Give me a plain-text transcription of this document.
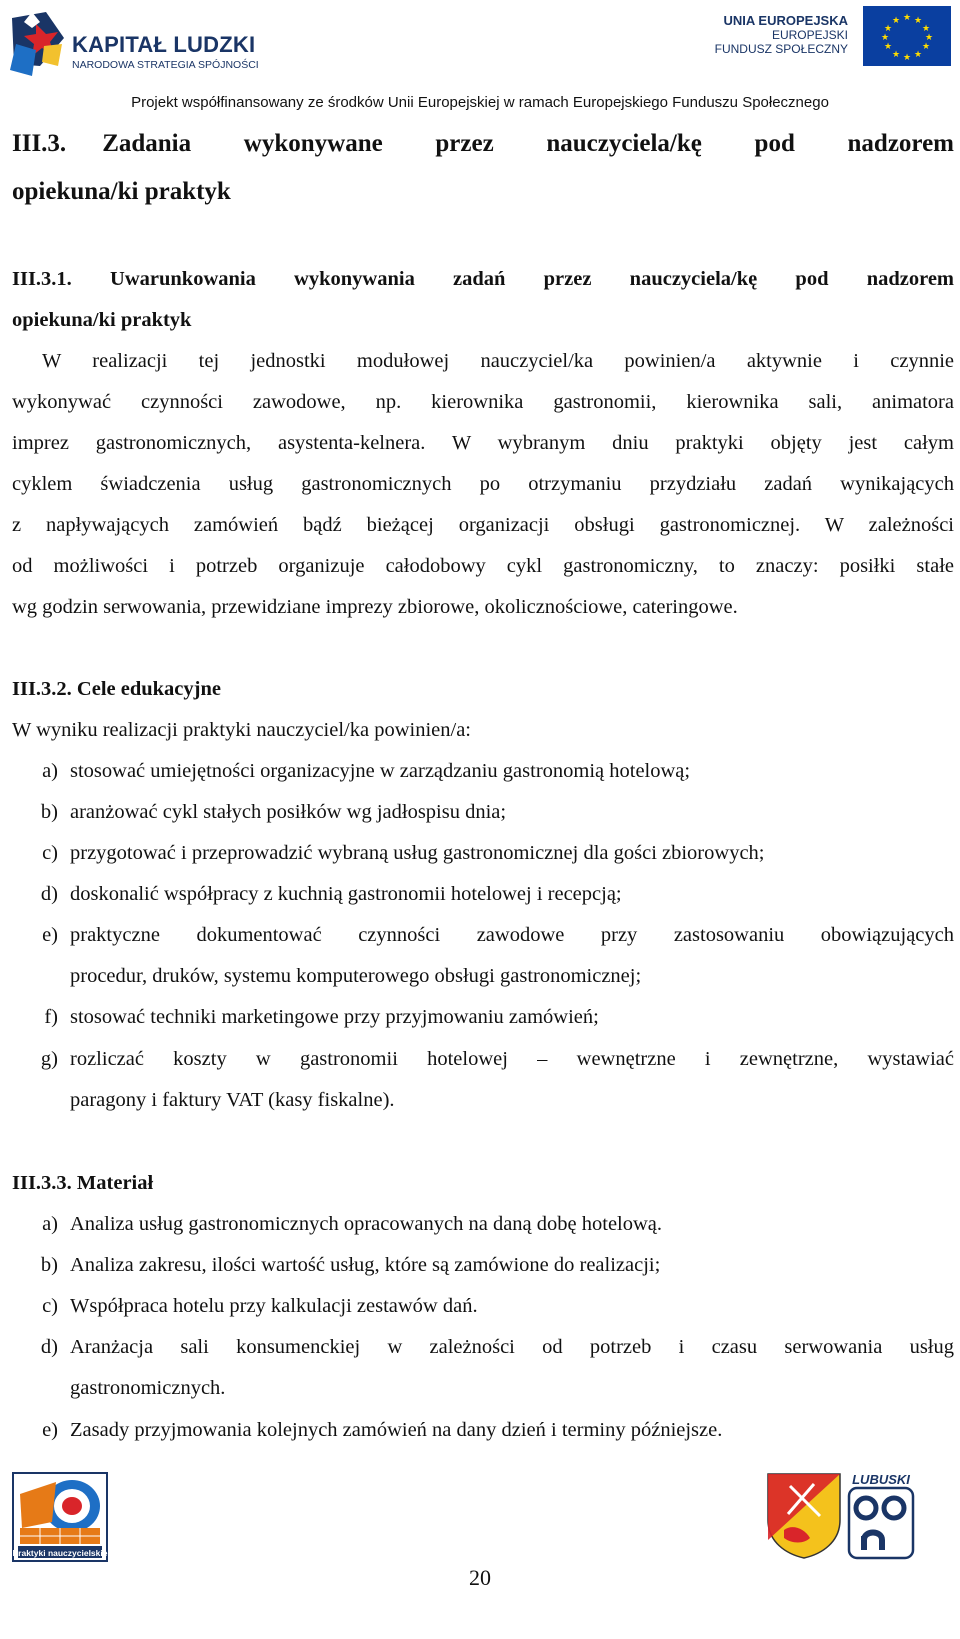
KAPITAŁ LUDZKI
NARODOWA STRATEGIA SPÓJNOŚCI
UNIA EUROPEJSKA
EUROPEJSKI
FUNDUSZ SPOŁECZNY
★ ★
★
★
★
★
★
★
★
★
★
★
Projekt współfinansowany ze środków Unii Europejskiej w ramach Europejskiego Funduszu Społecznego
III.3. Zadania wykonywane przez nauczyciela/kę pod nadzorem
opiekuna/ki praktyk
III.3.1. Uwarunkowania wykonywania zadań przez nauczyciela/kę pod nadzorem
opiekuna/ki praktyk
W realizacji tej jednostki modułowej nauczyciel/ka powinien/a aktywnie i czynnie
wykonywać czynności zawodowe, np. kierownika gastronomii, kierownika sali, animatora
imprez gastronomicznych, asystenta-kelnera. W wybranym dniu praktyki objęty jest całym
cyklem świadczenia usług gastronomicznych po otrzymaniu przydziału zadań wynikających
z napływających zamówień bądź bieżącej organizacji obsługi gastronomicznej. W zależności
od możliwości i potrzeb organizuje całodobowy cykl gastronomiczny, to znaczy: posiłki stałe
wg godzin serwowania, przewidziane imprezy zbiorowe, okolicznościowe, cateringowe.
III.3.2. Cele edukacyjne
W wyniku realizacji praktyki nauczyciel/ka powinien/a:
a) stosować umiejętności organizacyjne w zarządzaniu gastronomią hotelową;
b) aranżować cykl stałych posiłków wg jadłospisu dnia;
c) przygotować i przeprowadzić wybraną usług gastronomicznej dla gości zbiorowych;
d) doskonalić współpracy z kuchnią gastronomii hotelowej i recepcją;
e) praktyczne dokumentować czynności zawodowe przy zastosowaniu obowiązujących
procedur, druków, systemu komputerowego obsługi gastronomicznej;
f) stosować techniki marketingowe przy przyjmowaniu zamówień;
g) rozliczać koszty w gastronomii hotelowej – wewnętrzne i zewnętrzne, wystawiać
paragony i faktury VAT (kasy fiskalne).
III.3.3. Materiał
a) Analiza usług gastronomicznych opracowanych na daną dobę hotelową.
b) Analiza zakresu, ilości wartość usług, które są zamówione do realizacji;
c) Współpraca hotelu przy kalkulacji zestawów dań.
d) Aranżacja sali konsumenckiej w zależności od potrzeb i czasu serwowania usług
gastronomicznych.
e) Zasady przyjmowania kolejnych zamówień na dany dzień i terminy późniejsze.
Praktyki nauczycielskie
20
LUBUSKI
